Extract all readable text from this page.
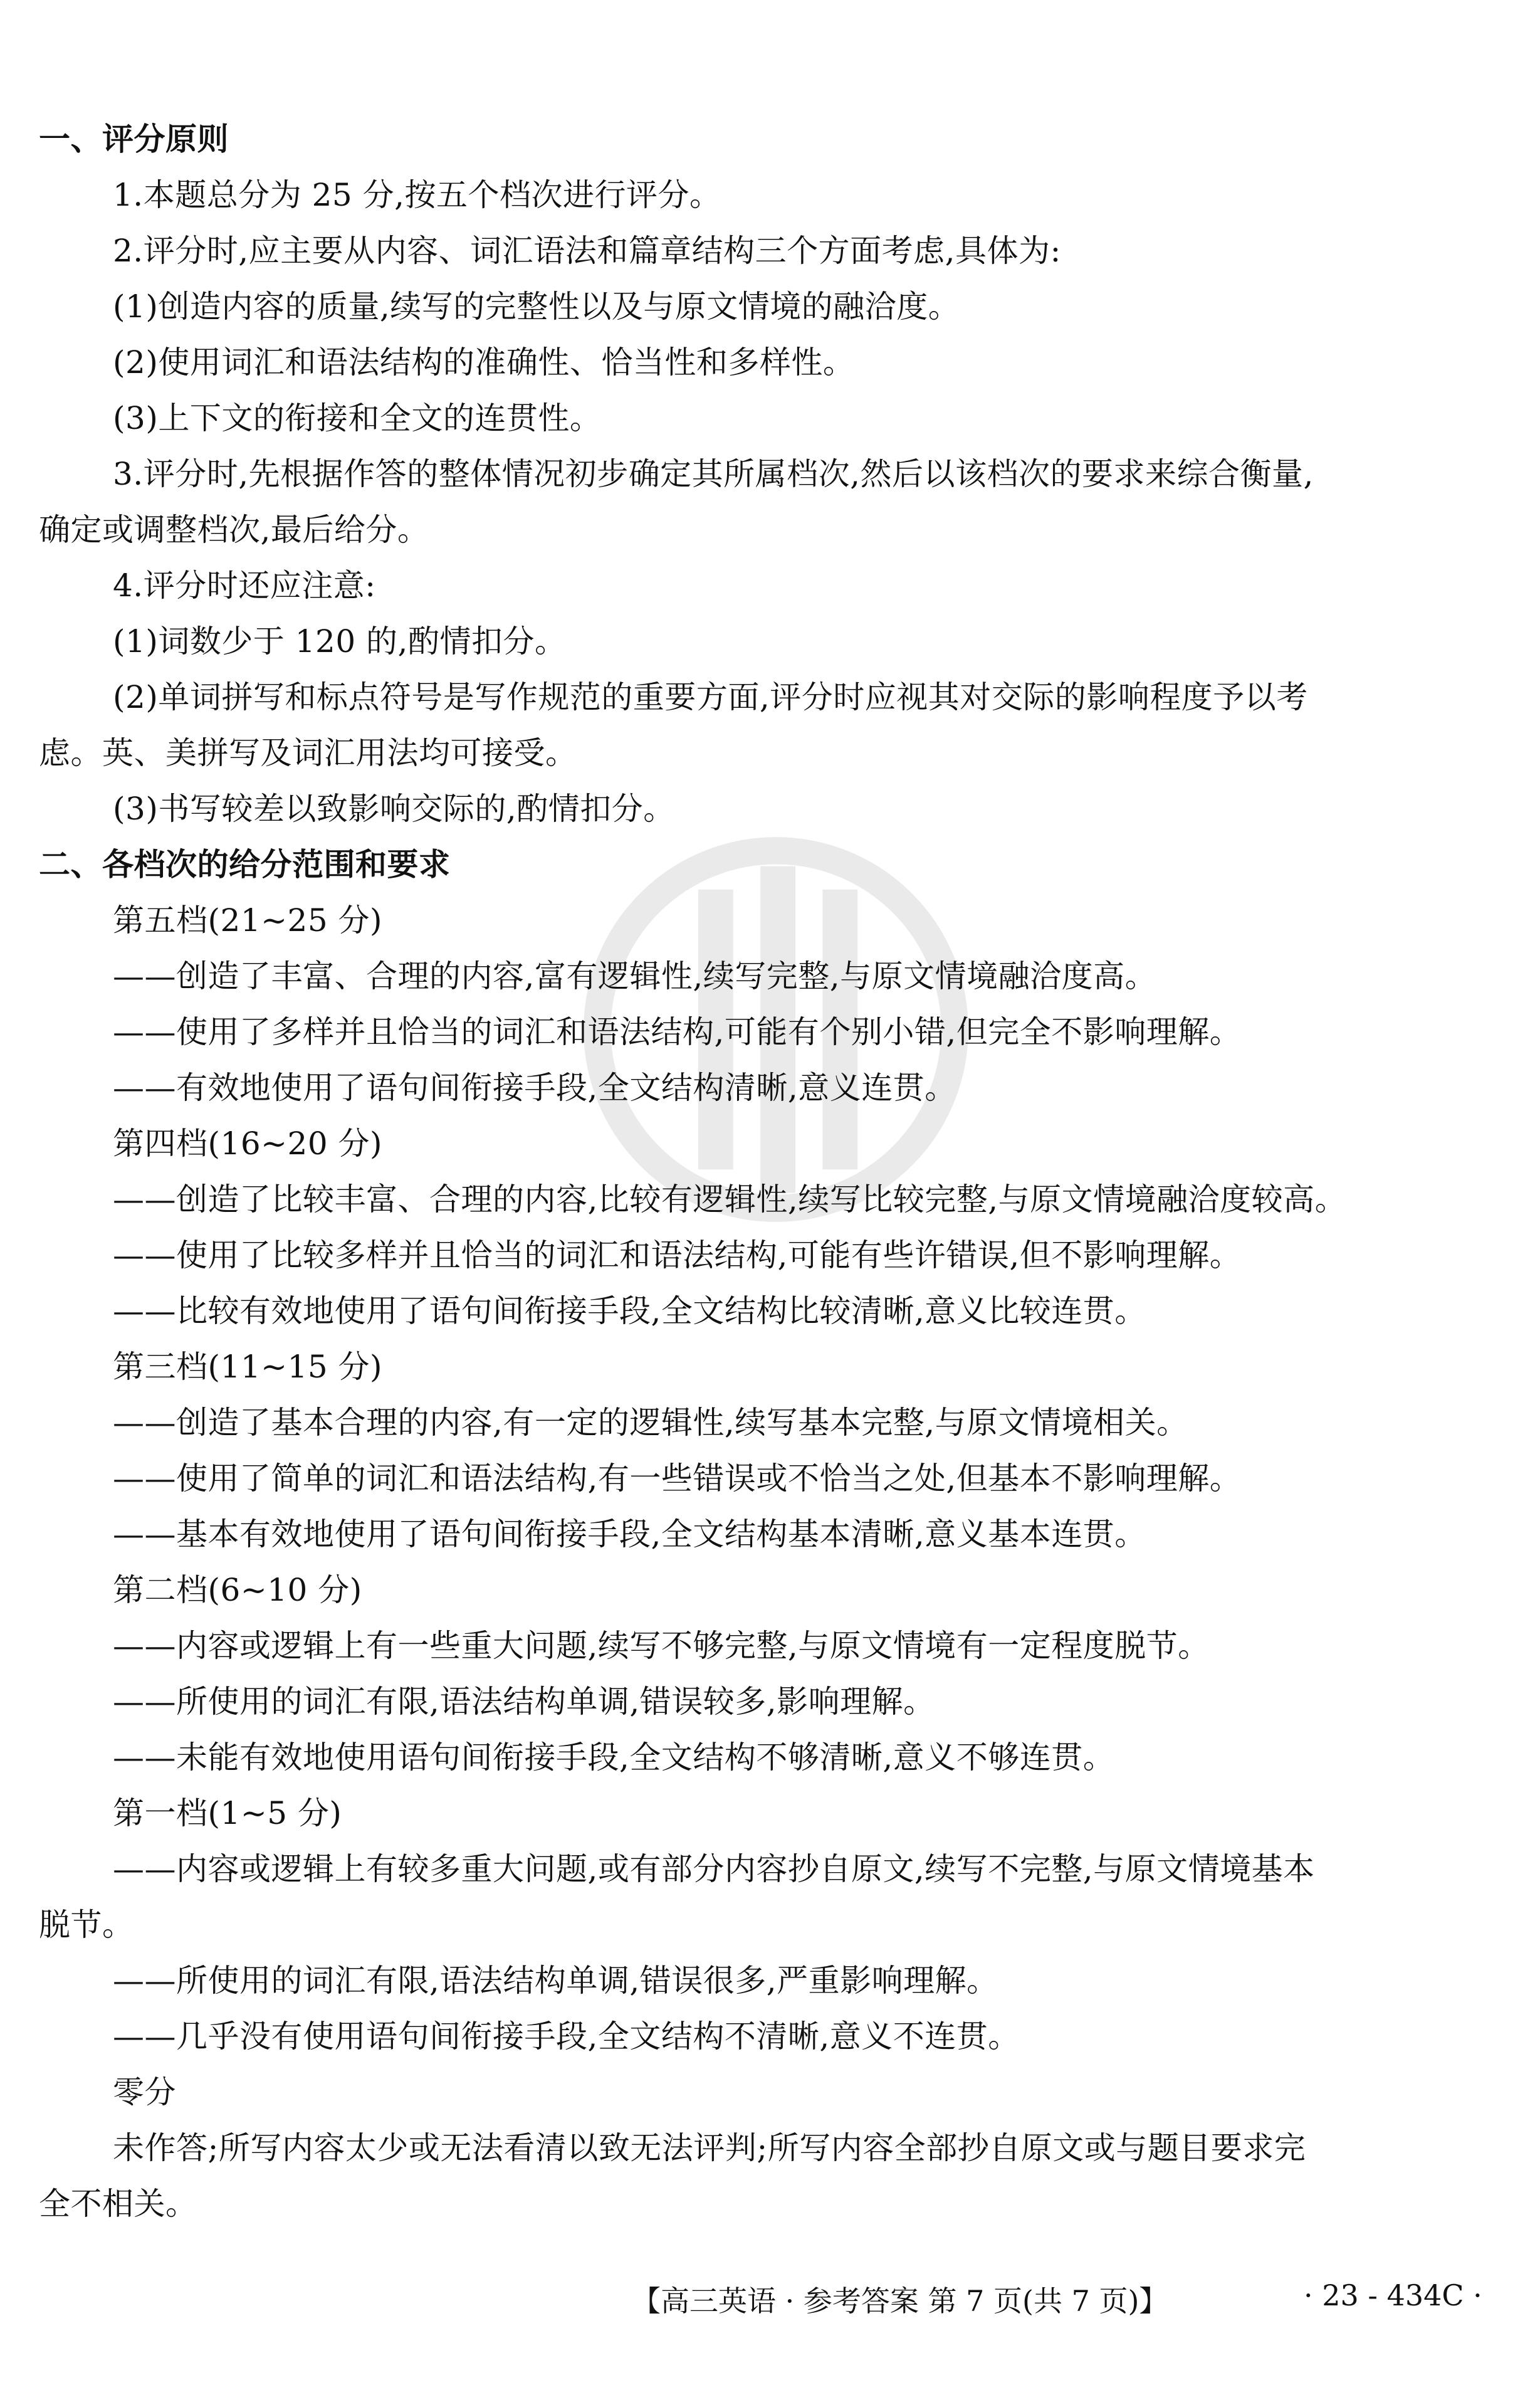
一、评分原则
1.本题总分为 25 分,按五个档次进行评分。
2.评分时,应主要从内容、词汇语法和篇章结构三个方面考虑,具体为:
(1)创造内容的质量,续写的完整性以及与原文情境的融洽度。
(2)使用词汇和语法结构的准确性、恰当性和多样性。
(3)上下文的衔接和全文的连贯性。
3.评分时,先根据作答的整体情况初步确定其所属档次,然后以该档次的要求来综合衡量,
确定或调整档次,最后给分。
4.评分时还应注意:
(1)词数少于 120 的,酌情扣分。
(2)单词拼写和标点符号是写作规范的重要方面,评分时应视其对交际的影响程度予以考
虑。英、美拼写及词汇用法均可接受。
(3)书写较差以致影响交际的,酌情扣分。
二、各档次的给分范围和要求
第五档(21~25 分)
——创造了丰富、合理的内容,富有逻辑性,续写完整,与原文情境融洽度高。
——使用了多样并且恰当的词汇和语法结构,可能有个别小错,但完全不影响理解。
——有效地使用了语句间衔接手段,全文结构清晰,意义连贯。
第四档(16~20 分)
——创造了比较丰富、合理的内容,比较有逻辑性,续写比较完整,与原文情境融洽度较高。
——使用了比较多样并且恰当的词汇和语法结构,可能有些许错误,但不影响理解。
——比较有效地使用了语句间衔接手段,全文结构比较清晰,意义比较连贯。
第三档(11~15 分)
——创造了基本合理的内容,有一定的逻辑性,续写基本完整,与原文情境相关。
——使用了简单的词汇和语法结构,有一些错误或不恰当之处,但基本不影响理解。
——基本有效地使用了语句间衔接手段,全文结构基本清晰,意义基本连贯。
第二档(6~10 分)
——内容或逻辑上有一些重大问题,续写不够完整,与原文情境有一定程度脱节。
——所使用的词汇有限,语法结构单调,错误较多,影响理解。
——未能有效地使用语句间衔接手段,全文结构不够清晰,意义不够连贯。
第一档(1~5 分)
——内容或逻辑上有较多重大问题,或有部分内容抄自原文,续写不完整,与原文情境基本
脱节。
——所使用的词汇有限,语法结构单调,错误很多,严重影响理解。
——几乎没有使用语句间衔接手段,全文结构不清晰,意义不连贯。
零分
未作答;所写内容太少或无法看清以致无法评判;所写内容全部抄自原文或与题目要求完
全不相关。
【高三英语 · 参考答案 第 7 页(共 7 页)】	· 23 - 434C ·
